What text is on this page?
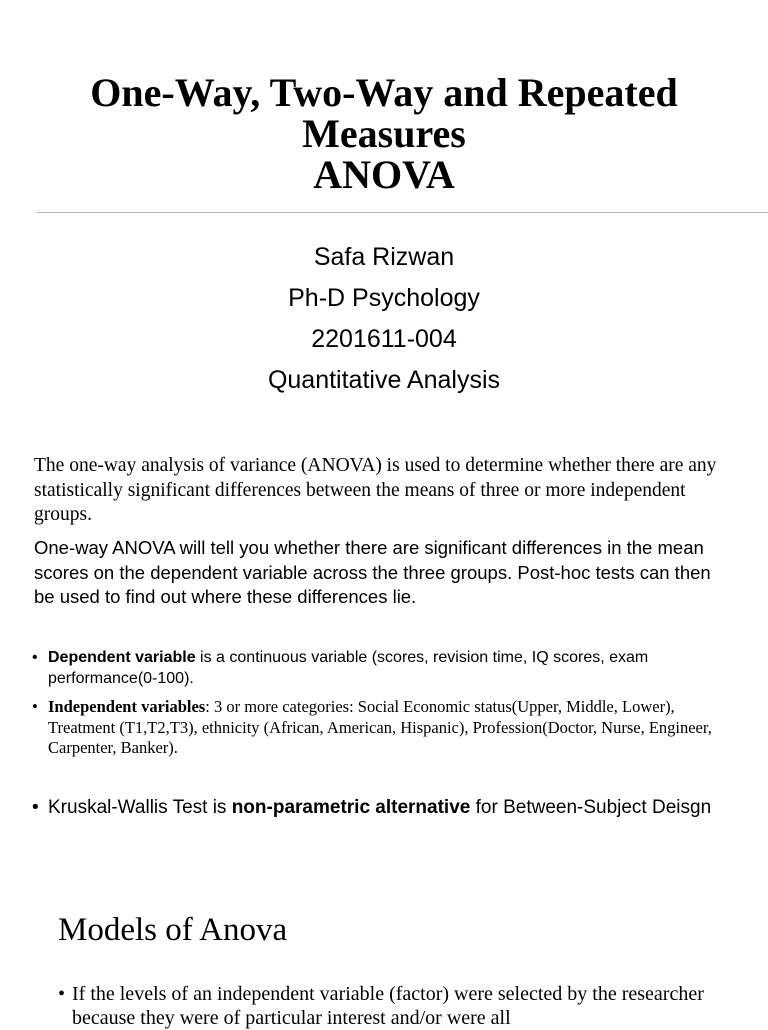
One-Way, Two-Way and Repeated
Measures
ANOVA
Safa Rizwan
Ph-D Psychology
2201611-004
Quantitative Analysis
The one-way analysis of variance (ANOVA) is used to determine whether there are any statistically significant differences between the means of three or more independent groups.
One-way ANOVA will tell you whether there are significant differences in the mean scores on the dependent variable across the three groups. Post-hoc tests can then be used to find out where these differences lie.
• Dependent variable is a continuous variable (scores, revision time, IQ scores, exam performance(0-100).
• Independent variables: 3 or more categories: Social Economic status(Upper, Middle, Lower), Treatment (T1,T2,T3), ethnicity (African, American, Hispanic), Profession(Doctor, Nurse, Engineer, Carpenter, Banker).
• Kruskal-Wallis Test is non-parametric alternative for Between-Subject Deisgn
Models of Anova
• If the levels of an independent variable (factor) were selected by the researcher because they were of particular interest and/or were all
